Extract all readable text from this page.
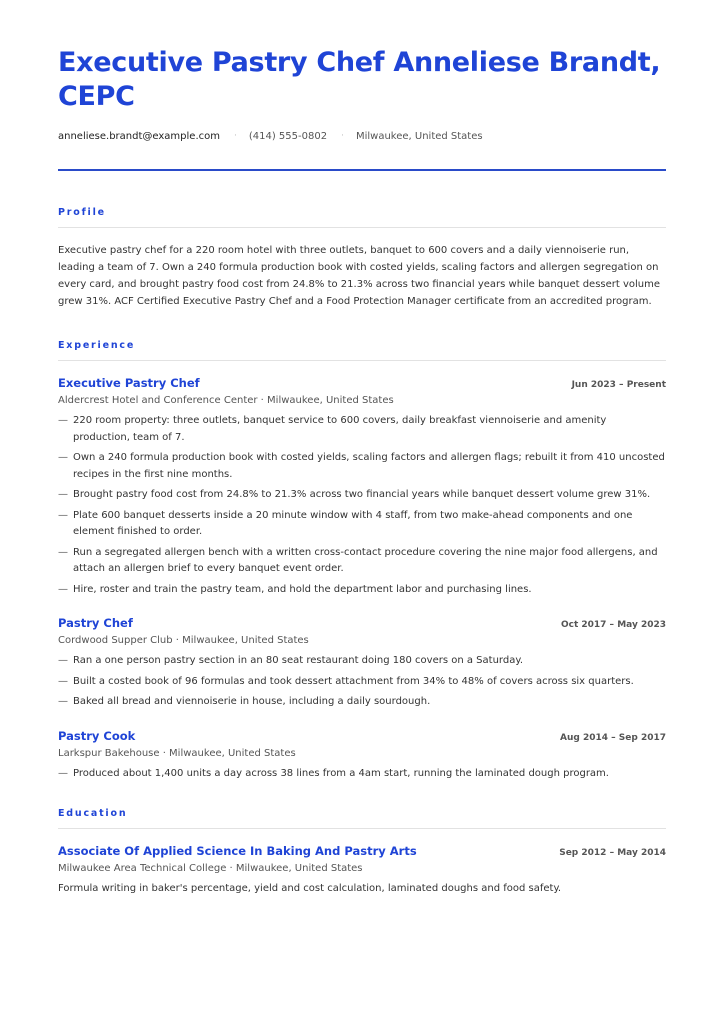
Executive Pastry Chef Anneliese Brandt, CEPC
anneliese.brandt@example.com · (414) 555-0802 · Milwaukee, United States
Profile

Executive pastry chef for a 220 room hotel with three outlets, banquet to 600 covers and a daily viennoiserie run, leading a team of 7. Own a 240 formula production book with costed yields, scaling factors and allergen segregation on every card, and brought pastry food cost from 24.8% to 21.3% across two financial years while banquet dessert volume grew 31%. ACF Certified Executive Pastry Chef and a Food Protection Manager certificate from an accredited program.

Experience
Executive Pastry Chef	Jun 2023 – Present
Aldercrest Hotel and Conference Center · Milwaukee, United States
— 220 room property: three outlets, banquet service to 600 covers, daily breakfast viennoiserie and amenity production, team of 7.
— Own a 240 formula production book with costed yields, scaling factors and allergen flags; rebuilt it from 410 uncosted recipes in the first nine months.
— Brought pastry food cost from 24.8% to 21.3% across two financial years while banquet dessert volume grew 31%.
— Plate 600 banquet desserts inside a 20 minute window with 4 staff, from two make-ahead components and one element finished to order.
— Run a segregated allergen bench with a written cross-contact procedure covering the nine major food allergens, and attach an allergen brief to every banquet event order.
— Hire, roster and train the pastry team, and hold the department labor and purchasing lines.
Pastry Chef	Oct 2017 – May 2023
Cordwood Supper Club · Milwaukee, United States
— Ran a one person pastry section in an 80 seat restaurant doing 180 covers on a Saturday.
— Built a costed book of 96 formulas and took dessert attachment from 34% to 48% of covers across six quarters.
— Baked all bread and viennoiserie in house, including a daily sourdough.
Pastry Cook	Aug 2014 – Sep 2017
Larkspur Bakehouse · Milwaukee, United States
— Produced about 1,400 units a day across 38 lines from a 4am start, running the laminated dough program.
Education
Associate Of Applied Science In Baking And Pastry Arts	Sep 2012 – May 2014
Milwaukee Area Technical College · Milwaukee, United States
Formula writing in baker's percentage, yield and cost calculation, laminated doughs and food safety.
